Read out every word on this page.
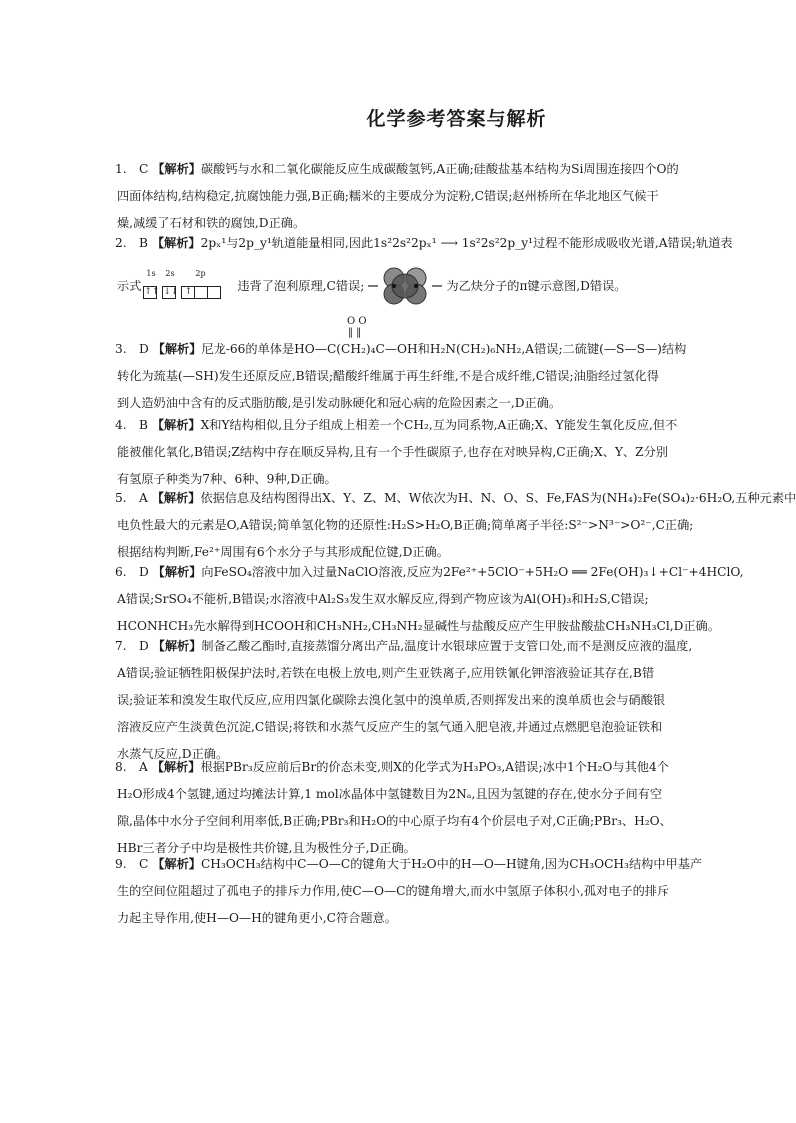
化学参考答案与解析
1.	C 【解析】碳酸钙与水和二氧化碳能反应生成碳酸氢钙,A正确;硅酸盐基本结构为Si周围连接四个O的
四面体结构,结构稳定,抗腐蚀能力强,B正确;糯米的主要成分为淀粉,C错误;赵州桥所在华北地区气候干
燥,减缓了石材和铁的腐蚀,D正确。
2.	B 【解析】2pₓ¹与2p_y¹轨道能量相同,因此1s²2s²2pₓ¹ ⟶ 1s²2s²2p_y¹过程不能形成吸收光谱,A错误;轨道表
示式
1s 2s	2p
↑↑ ↓↓ ↑	违背了泡利原理,C错误;	为乙炔分子的π键示意图,D错误。
O O
‖ ‖
3.	D 【解析】尼龙-66的单体是HO—C(CH₂)₄C—OH和H₂N(CH₂)₆NH₂,A错误;二硫键(—S—S—)结构
转化为巯基(—SH)发生还原反应,B错误;醋酸纤维属于再生纤维,不是合成纤维,C错误;油脂经过氢化得
到人造奶油中含有的反式脂肪酸,是引发动脉硬化和冠心病的危险因素之一,D正确。
4.	B 【解析】X和Y结构相似,且分子组成上相差一个CH₂,互为同系物,A正确;X、Y能发生氧化反应,但不
能被催化氧化,B错误;Z结构中存在顺反异构,且有一个手性碳原子,也存在对映异构,C正确;X、Y、Z分别
有氢原子种类为7种、6种、9种,D正确。
5.	A 【解析】依据信息及结构图得出X、Y、Z、M、W依次为H、N、O、S、Fe,FAS为(NH₄)₂Fe(SO₄)₂·6H₂O,五种元素中
电负性最大的元素是O,A错误;简单氢化物的还原性:H₂S>H₂O,B正确;简单离子半径:S²⁻>N³⁻>O²⁻,C正确;
根据结构判断,Fe²⁺周围有6个水分子与其形成配位键,D正确。
6.	D 【解析】向FeSO₄溶液中加入过量NaClO溶液,反应为2Fe²⁺+5ClO⁻+5H₂O ══ 2Fe(OH)₃↓+Cl⁻+4HClO,
A错误;SrSO₄不能析,B错误;水溶液中Al₂S₃发生双水解反应,得到产物应该为Al(OH)₃和H₂S,C错误;
HCONHCH₃先水解得到HCOOH和CH₃NH₂,CH₃NH₂显碱性与盐酸反应产生甲胺盐酸盐CH₃NH₃Cl,D正确。
7.	D 【解析】制备乙酸乙酯时,直接蒸馏分离出产品,温度计水银球应置于支管口处,而不是测反应液的温度,
A错误;验证牺牲阳极保护法时,若铁在电极上放电,则产生亚铁离子,应用铁氰化钾溶液验证其存在,B错
误;验证苯和溴发生取代反应,应用四氯化碳除去溴化氢中的溴单质,否则挥发出来的溴单质也会与硝酸银
溶液反应产生淡黄色沉淀,C错误;将铁和水蒸气反应产生的氢气通入肥皂液,并通过点燃肥皂泡验证铁和
水蒸气反应,D正确。
8.	A 【解析】根据PBr₃反应前后Br的价态未变,则X的化学式为H₃PO₃,A错误;冰中1个H₂O与其他4个
H₂O形成4个氢键,通过均摊法计算,1 mol冰晶体中氢键数目为2Nₐ,且因为氢键的存在,使水分子间有空
隙,晶体中水分子空间利用率低,B正确;PBr₃和H₂O的中心原子均有4个价层电子对,C正确;PBr₃、H₂O、
HBr三者分子中均是极性共价键,且为极性分子,D正确。
9.	C 【解析】CH₃OCH₃结构中C—O—C的键角大于H₂O中的H—O—H键角,因为CH₃OCH₃结构中甲基产
生的空间位阻超过了孤电子的排斥力作用,使C—O—C的键角增大,而水中氢原子体积小,孤对电子的排斥
力起主导作用,使H—O—H的键角更小,C符合题意。
